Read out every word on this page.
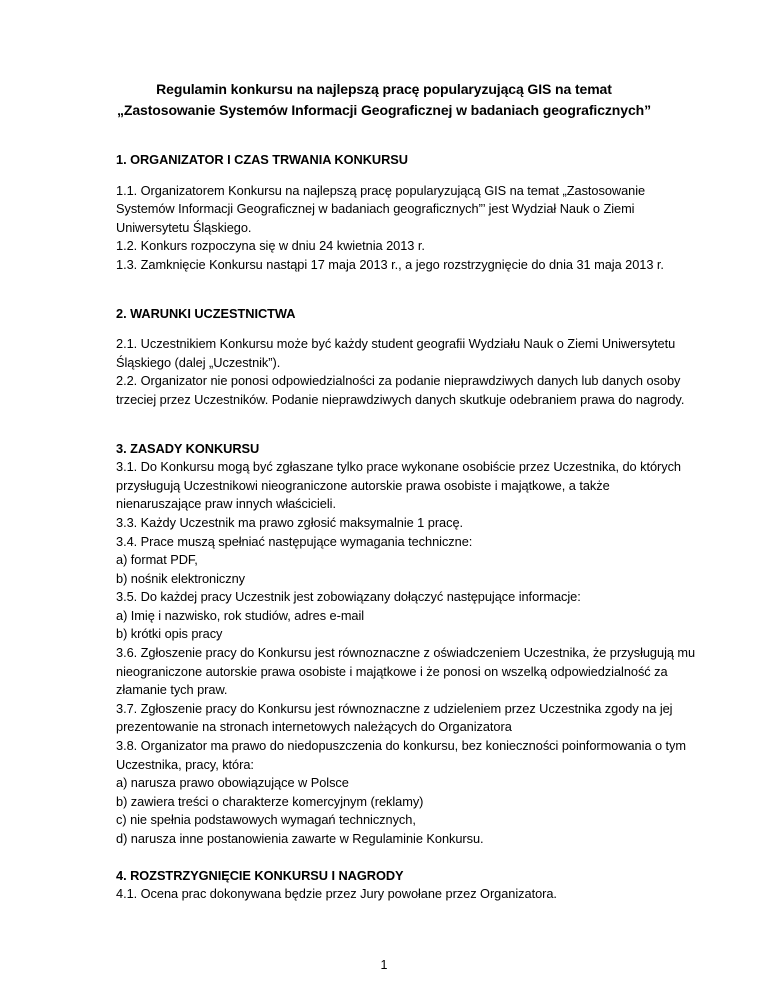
Regulamin konkursu na najlepszą pracę popularyzującą GIS na temat
„Zastosowanie Systemów Informacji Geograficznej w badaniach geograficznych”

1. ORGANIZATOR I CZAS TRWANIA KONKURSU

1.1. Organizatorem Konkursu na najlepszą pracę popularyzującą GIS na temat „Zastosowanie

Systemów Informacji Geograficznej w badaniach geograficznych”’ jest Wydział Nauk o Ziemi

Uniwersytetu Śląskiego.

1.2. Konkurs rozpoczyna się w dniu 24 kwietnia 2013 r.

1.3. Zamknięcie Konkursu nastąpi 17 maja 2013 r., a jego rozstrzygnięcie do dnia 31 maja 2013 r.

2. WARUNKI UCZESTNICTWA

2.1. Uczestnikiem Konkursu może być każdy student geografii Wydziału Nauk o Ziemi Uniwersytetu

Śląskiego (dalej „Uczestnik”).

2.2. Organizator nie ponosi odpowiedzialności za podanie nieprawdziwych danych lub danych osoby

trzeciej przez Uczestników. Podanie nieprawdziwych danych skutkuje odebraniem prawa do nagrody.

3. ZASADY KONKURSU

3.1. Do Konkursu mogą być zgłaszane tylko prace wykonane osobiście przez Uczestnika, do których

przysługują Uczestnikowi nieograniczone autorskie prawa osobiste i majątkowe, a także

nienaruszające praw innych właścicieli.

3.3. Każdy Uczestnik ma prawo zgłosić maksymalnie 1 pracę.

3.4. Prace muszą spełniać następujące wymagania techniczne:

a) format PDF,

b) nośnik elektroniczny

3.5. Do każdej pracy Uczestnik jest zobowiązany dołączyć następujące informacje:

a) Imię i nazwisko, rok studiów, adres e-mail

b) krótki opis pracy

3.6. Zgłoszenie pracy do Konkursu jest równoznaczne z oświadczeniem Uczestnika, że przysługują mu

nieograniczone autorskie prawa osobiste i majątkowe i że ponosi on wszelką odpowiedzialność za

złamanie tych praw.

3.7. Zgłoszenie pracy do Konkursu jest równoznaczne z udzieleniem przez Uczestnika zgody na jej

prezentowanie na stronach internetowych należących do Organizatora

3.8. Organizator ma prawo do niedopuszczenia do konkursu, bez konieczności poinformowania o tym

Uczestnika, pracy, która:

a) narusza prawo obowiązujące w Polsce

b) zawiera treści o charakterze komercyjnym (reklamy)

c) nie spełnia podstawowych wymagań technicznych,

d) narusza inne postanowienia zawarte w Regulaminie Konkursu.

4. ROZSTRZYGNIĘCIE KONKURSU I NAGRODY

4.1. Ocena prac dokonywana będzie przez Jury powołane przez Organizatora.

1
